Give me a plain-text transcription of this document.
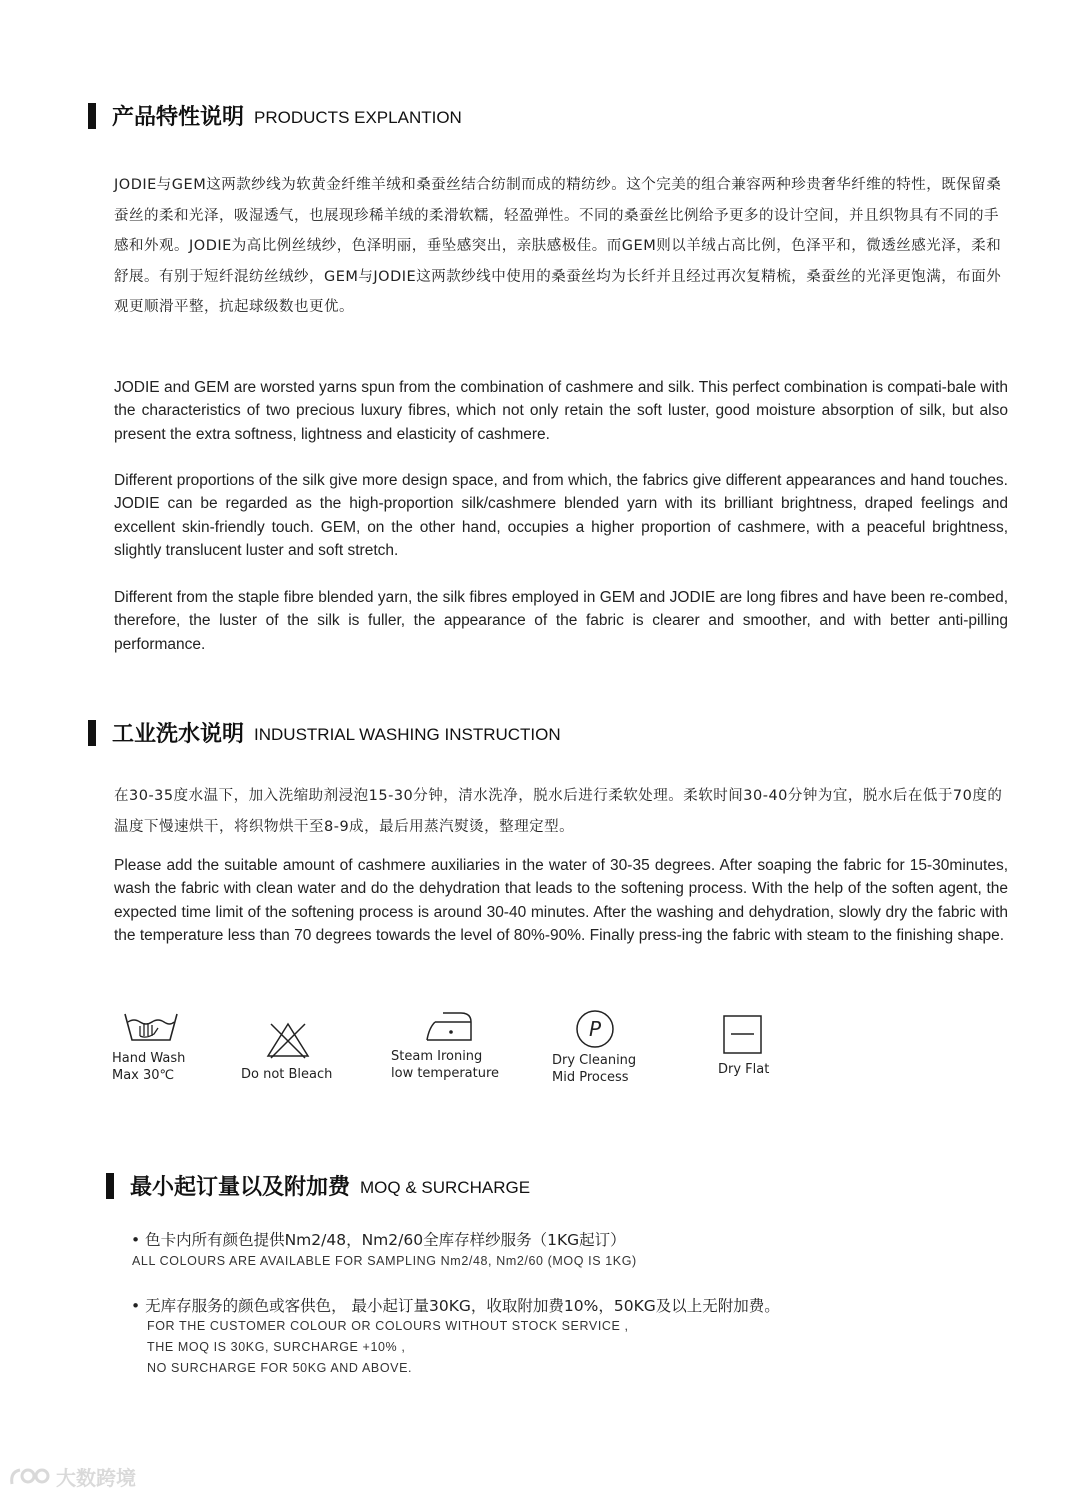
产品特性说明 PRODUCTS EXPLANTION

JODIE与GEM这两款纱线为软黄金纤维羊绒和桑蚕丝结合纺制而成的精纺纱。这个完美的组合兼容两种珍贵奢华纤维的特性，既保留桑蚕丝的柔和光泽，吸湿透气，也展现珍稀羊绒的柔滑软糯，轻盈弹性。不同的桑蚕丝比例给予更多的设计空间，并且织物具有不同的手感和外观。JODIE为高比例丝绒纱，色泽明丽，垂坠感突出，亲肤感极佳。而GEM则以羊绒占高比例，色泽平和，微透丝感光泽，柔和舒展。有别于短纤混纺丝绒纱，GEM与JODIE这两款纱线中使用的桑蚕丝均为长纤并且经过再次复精梳，桑蚕丝的光泽更饱满，布面外观更顺滑平整，抗起球级数也更优。

JODIE and GEM are worsted yarns spun from the combination of cashmere and silk. This perfect combination is compati-bale with the characteristics of two precious luxury fibres, which not only retain the soft luster, good moisture absorption of silk, but also present the extra softness, lightness and elasticity of cashmere.

Different proportions of the silk give more design space, and from which, the fabrics give different appearances and hand touches. JODIE can be regarded as the high-proportion silk/cashmere blended yarn with its brilliant brightness, draped feelings and excellent skin-friendly touch. GEM, on the other hand, occupies a higher proportion of cashmere, with a peaceful brightness, slightly translucent luster and soft stretch.

Different from the staple fibre blended yarn, the silk fibres employed in GEM and JODIE are long fibres and have been re-combed, therefore, the luster of the silk is fuller, the appearance of the fabric is clearer and smoother, and with better anti-pilling performance.

工业洗水说明 INDUSTRIAL WASHING INSTRUCTION

在30-35度水温下，加入洗缩助剂浸泡15-30分钟，清水洗净，脱水后进行柔软处理。柔软时间30-40分钟为宜，脱水后在低于70度的温度下慢速烘干，将织物烘干至8-9成，最后用蒸汽熨烫，整理定型。

Please add the suitable amount of cashmere auxiliaries in the water of 30-35 degrees. After soaping the fabric for 15-30minutes, wash the fabric with clean water and do the dehydration that leads to the softening process. With the help of the soften agent, the expected time limit of the softening process is around 30-40 minutes. After the washing and dehydration, slowly dry the fabric with the temperature less than 70 degrees towards the level of 80%-90%. Finally press-ing the fabric with steam to the finishing shape.

Hand Wash
Max 30℃	Do not Bleach
Steam Ironing
low temperature
P
Dry Cleaning
Mid Process
Dry Flat
最小起订量以及附加费 MOQ & SURCHARGE
• 色卡内所有颜色提供Nm2/48，Nm2/60全库存样纱服务（1KG起订）
ALL COLOURS ARE AVAILABLE FOR SAMPLING Nm2/48, Nm2/60 (MOQ IS 1KG)
• 无库存服务的颜色或客供色， 最小起订量30KG，收取附加费10%，50KG及以上无附加费。
FOR THE CUSTOMER COLOUR OR COLOURS WITHOUT STOCK SERVICE ,
THE MOQ IS 30KG, SURCHARGE +10% ,
NO SURCHARGE FOR 50KG AND ABOVE.
大数跨境
